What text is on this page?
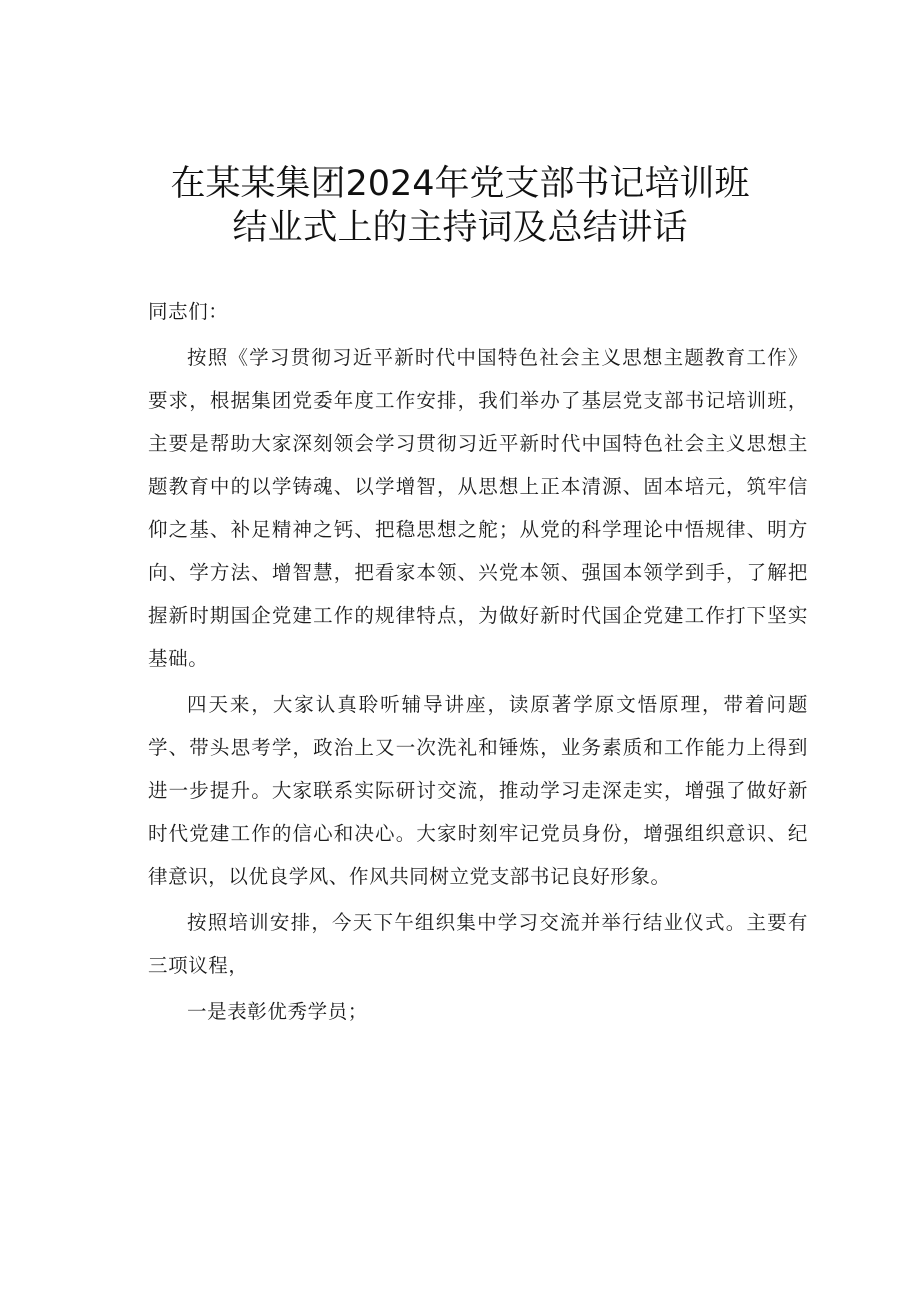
在某某集团2024年党支部书记培训班
结业式上的主持词及总结讲话

同志们：

按照《学习贯彻习近平新时代中国特色社会主义思想主题教育工作》要求，根据集团党委年度工作安排，我们举办了基层党支部书记培训班，主要是帮助大家深刻领会学习贯彻习近平新时代中国特色社会主义思想主题教育中的以学铸魂、以学增智，从思想上正本清源、固本培元，筑牢信仰之基、补足精神之钙、把稳思想之舵；从党的科学理论中悟规律、明方向、学方法、增智慧，把看家本领、兴党本领、强国本领学到手，了解把握新时期国企党建工作的规律特点，为做好新时代国企党建工作打下坚实基础。

四天来，大家认真聆听辅导讲座，读原著学原文悟原理，带着问题学、带头思考学，政治上又一次洗礼和锤炼，业务素质和工作能力上得到进一步提升。大家联系实际研讨交流，推动学习走深走实，增强了做好新时代党建工作的信心和决心。大家时刻牢记党员身份，增强组织意识、纪律意识，以优良学风、作风共同树立党支部书记良好形象。

按照培训安排，今天下午组织集中学习交流并举行结业仪式。主要有三项议程，

一是表彰优秀学员；
